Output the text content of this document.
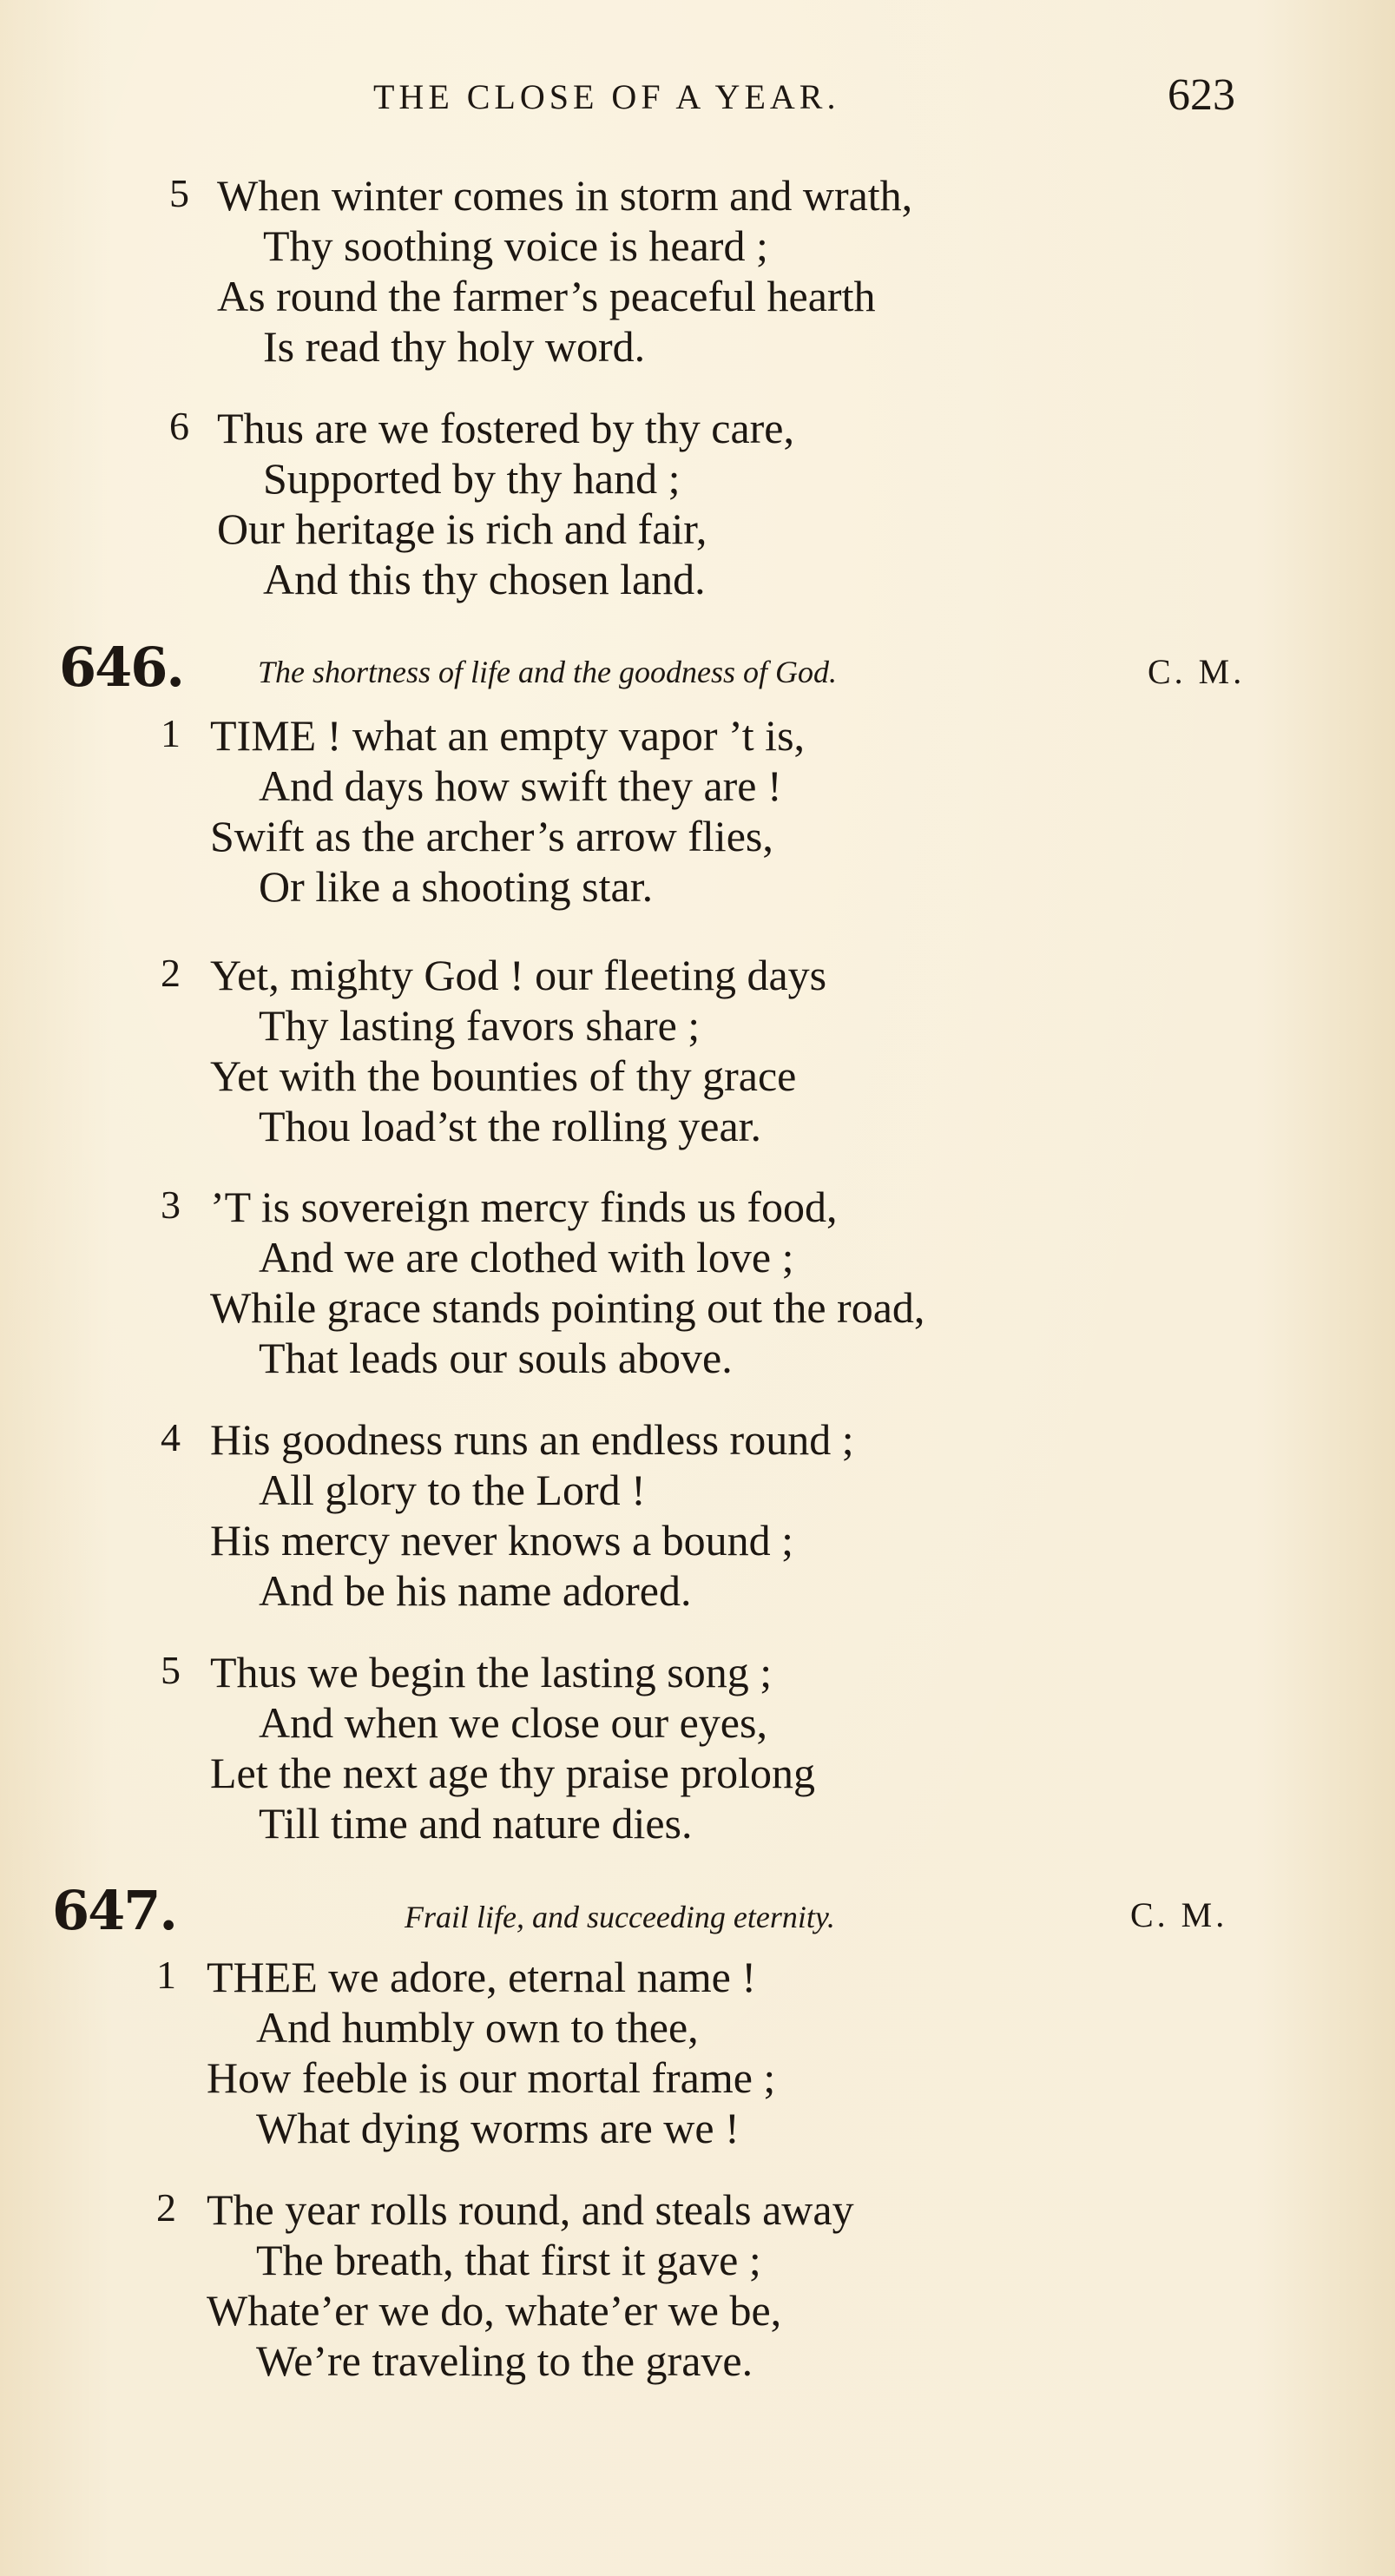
THE CLOSE OF A YEAR.	623
5 When winter comes in storm and wrath,
Thy soothing voice is heard ;
As round the farmer’s peaceful hearth
Is read thy holy word.
6 Thus are we fostered by thy care,
Supported by thy hand ;
Our heritage is rich and fair,
And this thy chosen land.
646. The shortness of life and the goodness of God.	C. M.
1 TIME ! what an empty vapor ’t is,
And days how swift they are !
Swift as the archer’s arrow flies,
Or like a shooting star.
2 Yet, mighty God ! our fleeting days
Thy lasting favors share ;
Yet with the bounties of thy grace
Thou load’st the rolling year.
3 ’T is sovereign mercy finds us food,
And we are clothed with love ;
While grace stands pointing out the road,
That leads our souls above.
4 His goodness runs an endless round ;
All glory to the Lord !
His mercy never knows a bound ;
And be his name adored.
5 Thus we begin the lasting song ;
And when we close our eyes,
Let the next age thy praise prolong
Till time and nature dies.
647.	Frail life, and succeeding eternity.	C. M.
1 THEE we adore, eternal name !
And humbly own to thee,
How feeble is our mortal frame ;
What dying worms are we !
2 The year rolls round, and steals away
The breath, that first it gave ;
Whate’er we do, whate’er we be,
We’re traveling to the grave.
